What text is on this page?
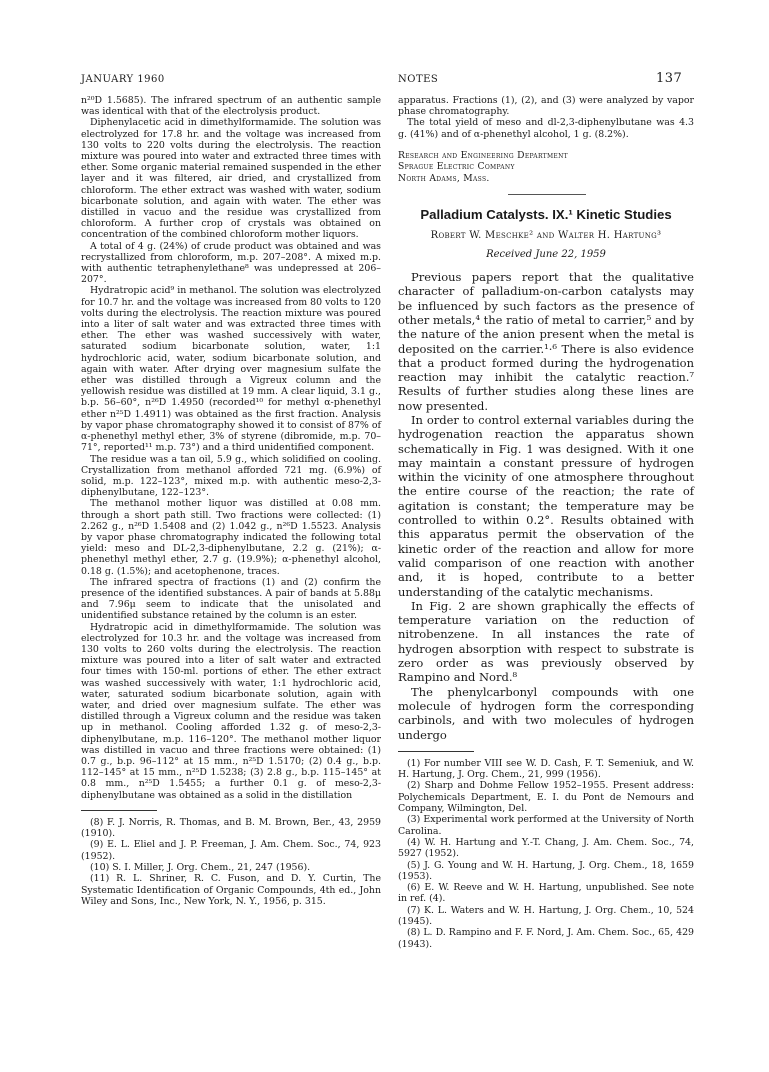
JANUARY 1960	NOTES	137

n²⁰D 1.5685). The infrared spectrum of an authentic sample was identical with that of the electrolysis product.

Diphenylacetic acid in dimethylformamide. The solution was electrolyzed for 17.8 hr. and the voltage was increased from 130 volts to 220 volts during the electrolysis. The reaction mixture was poured into water and extracted three times with ether. Some organic material remained suspended in the ether layer and it was filtered, air dried, and crystallized from chloroform. The ether extract was washed with water, sodium bicarbonate solution, and again with water. The ether was distilled in vacuo and the residue was crystallized from chloroform. A further crop of crystals was obtained on concentration of the combined chloroform mother liquors.

A total of 4 g. (24%) of crude product was obtained and was recrystallized from chloroform, m.p. 207–208°. A mixed m.p. with authentic tetraphenylethane⁸ was undepressed at 206–207°.

Hydratropic acid⁹ in methanol. The solution was electrolyzed for 10.7 hr. and the voltage was increased from 80 volts to 120 volts during the electrolysis. The reaction mixture was poured into a liter of salt water and was extracted three times with ether. The ether was washed successively with water, saturated sodium bicarbonate solution, water, 1:1 hydrochloric acid, water, sodium bicarbonate solution, and again with water. After drying over magnesium sulfate the ether was distilled through a Vigreux column and the yellowish residue was distilled at 19 mm. A clear liquid, 3.1 g., b.p. 56–60°, n²⁶D 1.4950 (recorded¹⁰ for methyl α-phenethyl ether n²⁵D 1.4911) was obtained as the first fraction. Analysis by vapor phase chromatography showed it to consist of 87% of α-phenethyl methyl ether, 3% of styrene (dibromide, m.p. 70–71°, reported¹¹ m.p. 73°) and a third unidentified component.

The residue was a tan oil, 5.9 g., which solidified on cooling. Crystallization from methanol afforded 721 mg. (6.9%) of solid, m.p. 122–123°, mixed m.p. with authentic meso-2,3-diphenylbutane, 122–123°.

The methanol mother liquor was distilled at 0.08 mm. through a short path still. Two fractions were collected: (1) 2.262 g., n²⁶D 1.5408 and (2) 1.042 g., n²⁶D 1.5523. Analysis by vapor phase chromatography indicated the following total yield: meso and DL-2,3-diphenylbutane, 2.2 g. (21%); α-phenethyl methyl ether, 2.7 g. (19.9%); α-phenethyl alcohol, 0.18 g. (1.5%); and acetophenone, traces.

The infrared spectra of fractions (1) and (2) confirm the presence of the identified substances. A pair of bands at 5.88μ and 7.96μ seem to indicate that the unisolated and unidentified substance retained by the column is an ester.

Hydratropic acid in dimethylformamide. The solution was electrolyzed for 10.3 hr. and the voltage was increased from 130 volts to 260 volts during the electrolysis. The reaction mixture was poured into a liter of salt water and extracted four times with 150-ml. portions of ether. The ether extract was washed successively with water, 1:1 hydrochloric acid, water, saturated sodium bicarbonate solution, again with water, and dried over magnesium sulfate. The ether was distilled through a Vigreux column and the residue was taken up in methanol. Cooling afforded 1.32 g. of meso-2,3-diphenylbutane, m.p. 116–120°. The methanol mother liquor was distilled in vacuo and three fractions were obtained: (1) 0.7 g., b.p. 96–112° at 15 mm., n²⁵D 1.5170; (2) 0.4 g., b.p. 112–145° at 15 mm., n²⁵D 1.5238; (3) 2.8 g., b.p. 115–145° at 0.8 mm., n²⁵D 1.5455; a further 0.1 g. of meso-2,3-diphenylbutane was obtained as a solid in the distillation

(8) F. J. Norris, R. Thomas, and B. M. Brown, Ber., 43, 2959 (1910).

(9) E. L. Eliel and J. P. Freeman, J. Am. Chem. Soc., 74, 923 (1952).

(10) S. I. Miller, J. Org. Chem., 21, 247 (1956).

(11) R. L. Shriner, R. C. Fuson, and D. Y. Curtin, The Systematic Identification of Organic Compounds, 4th ed., John Wiley and Sons, Inc., New York, N. Y., 1956, p. 315.

apparatus. Fractions (1), (2), and (3) were analyzed by vapor phase chromatography.

The total yield of meso and dl-2,3-diphenylbutane was 4.3 g. (41%) and of α-phenethyl alcohol, 1 g. (8.2%).

Research and Engineering Department
Sprague Electric Company
North Adams, Mass.
Palladium Catalysts. IX.¹ Kinetic Studies
Robert W. Meschke² and Walter H. Hartung³
Received June 22, 1959

Previous papers report that the qualitative character of palladium-on-carbon catalysts may be influenced by such factors as the presence of other metals,⁴ the ratio of metal to carrier,⁵ and by the nature of the anion present when the metal is deposited on the carrier.¹·⁶ There is also evidence that a product formed during the hydrogenation reaction may inhibit the catalytic reaction.⁷ Results of further studies along these lines are now presented.

In order to control external variables during the hydrogenation reaction the apparatus shown schematically in Fig. 1 was designed. With it one may maintain a constant pressure of hydrogen within the vicinity of one atmosphere throughout the entire course of the reaction; the rate of agitation is constant; the temperature may be controlled to within 0.2°. Results obtained with this apparatus permit the observation of the kinetic order of the reaction and allow for more valid comparison of one reaction with another and, it is hoped, contribute to a better understanding of the catalytic mechanisms.

In Fig. 2 are shown graphically the effects of temperature variation on the reduction of nitrobenzene. In all instances the rate of hydrogen absorption with respect to substrate is zero order as was previously observed by Rampino and Nord.⁸

The phenylcarbonyl compounds with one molecule of hydrogen form the corresponding carbinols, and with two molecules of hydrogen undergo

(1) For number VIII see W. D. Cash, F. T. Semeniuk, and W. H. Hartung, J. Org. Chem., 21, 999 (1956).

(2) Sharp and Dohme Fellow 1952–1955. Present address: Polychemicals Department, E. I. du Pont de Nemours and Company, Wilmington, Del.

(3) Experimental work performed at the University of North Carolina.

(4) W. H. Hartung and Y.-T. Chang, J. Am. Chem. Soc., 74, 5927 (1952).

(5) J. G. Young and W. H. Hartung, J. Org. Chem., 18, 1659 (1953).

(6) E. W. Reeve and W. H. Hartung, unpublished. See note in ref. (4).

(7) K. L. Waters and W. H. Hartung, J. Org. Chem., 10, 524 (1945).

(8) L. D. Rampino and F. F. Nord, J. Am. Chem. Soc., 65, 429 (1943).
